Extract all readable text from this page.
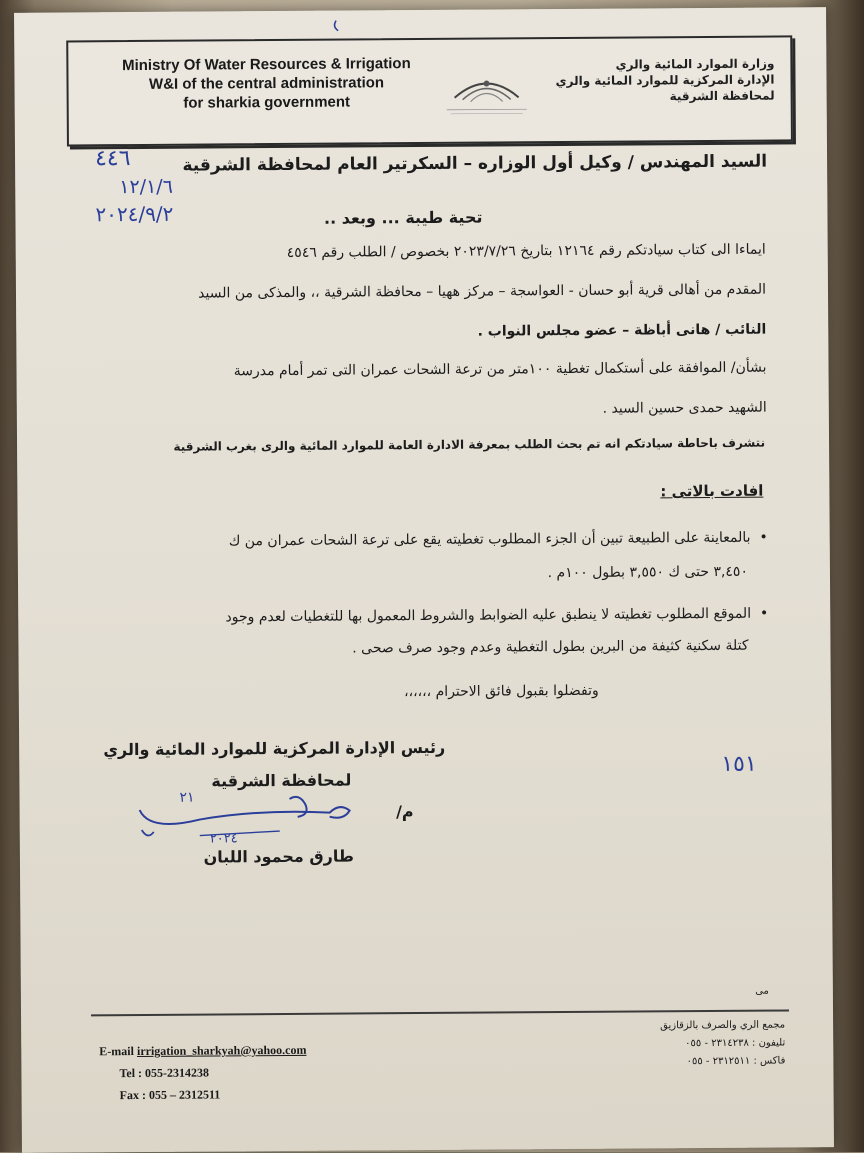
Ministry Of Water Resources & Irrigation
W&I of the central administration
for sharkia government
وزارة الموارد المائية والري
الإدارة المركزية للموارد المائية والري
لمحافظة الشرقية
٤٤٦
١٢/١/٦
٢٠٢٤/٩/٢
السيد المهندس / وكيل أول الوزاره – السكرتير العام لمحافظة الشرقية
تحية طيبة ... وبعد ..
ايماءا الى كتاب سيادتكم رقم ١٢١٦٤ بتاريخ ٢٠٢٣/٧/٢٦ بخصوص / الطلب رقم ٤٥٤٦
المقدم من أهالى قرية أبو حسان - العواسجة – مركز ههيا – محافظة الشرقية ،، والمذكى من السيد
النائب / هانى أباظة – عضو مجلس النواب .
بشأن/ الموافقة على أستكمال تغطية ١٠٠متر من ترعة الشحات عمران التى تمر أمام مدرسة
الشهيد حمدى حسين السيد .
نتشرف باحاطة سيادتكم انه تم بحث الطلب بمعرفة الادارة العامة للموارد المائية والرى بغرب الشرقية
افادت بالاتى :
•  بالمعاينة على الطبيعة تبين أن الجزء المطلوب تغطيته يقع على ترعة الشحات عمران من ك
٣,٤٥٠ حتى ك ٣,٥٥٠ بطول ١٠٠م .
•  الموقع المطلوب تغطيته لا ينطبق عليه الضوابط والشروط المعمول بها للتغطيات لعدم وجود
كتلة سكنية كثيفة من البرين بطول التغطية وعدم وجود صرف صحى .
وتفضلوا بقبول فائق الاحترام ،،،،،،
رئيس الإدارة المركزية للموارد المائية والري
لمحافظة الشرقية
م/
طارق محمود اللبان
٢١
٢٠٢٤
١٥١
مى
E-mail irrigation_sharkyah@yahoo.com
Tel : 055-2314238
Fax : 055 – 2312511
مجمع الري والصرف بالزقازيق
تليفون : ٢٣١٤٢٣٨ - ٠٥٥
فاكس : ٢٣١٢٥١١ - ٠٥٥
